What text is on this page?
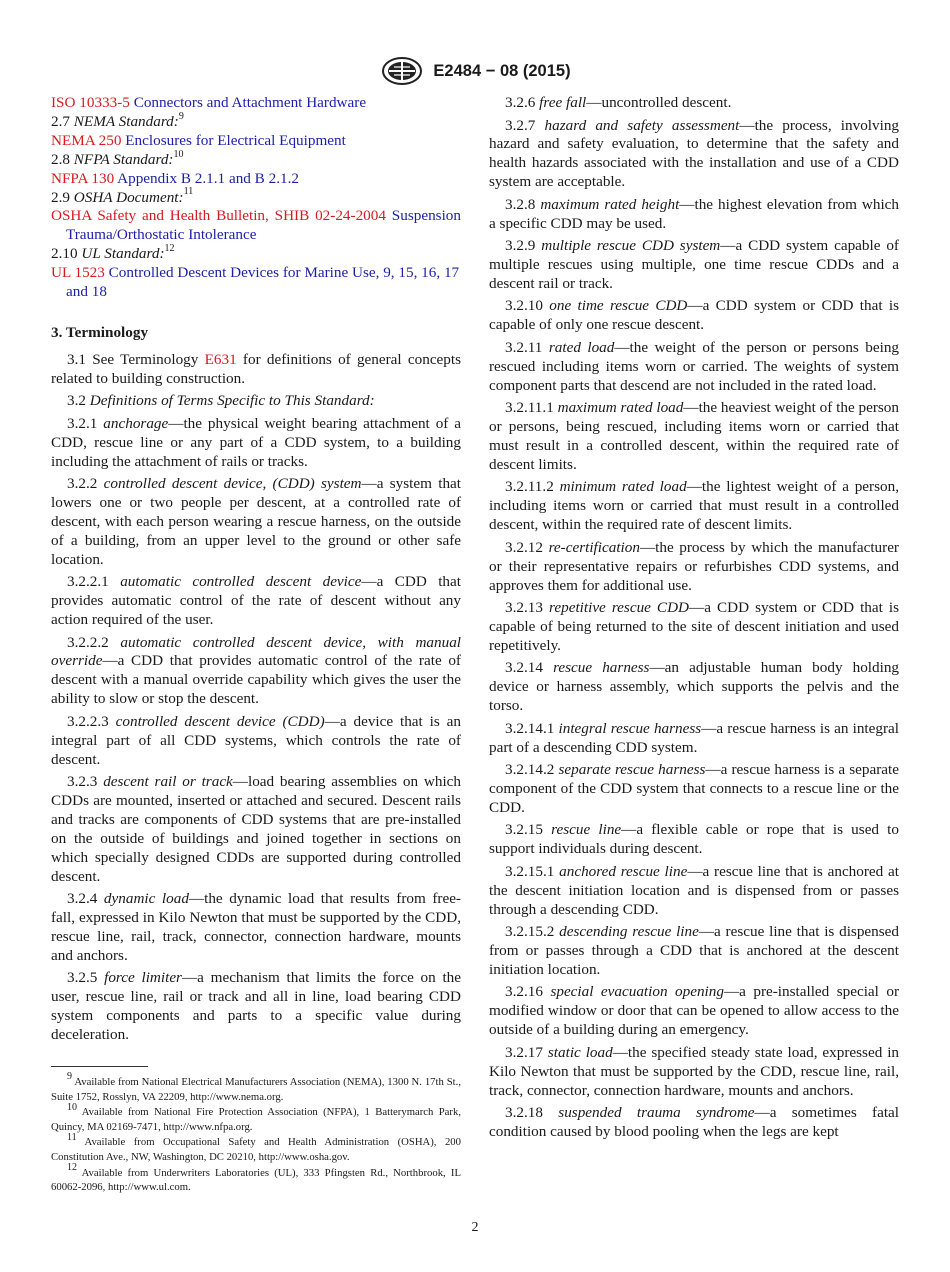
E2484 − 08 (2015)

ISO 10333-5 Connectors and Attachment Hardware

2.7 NEMA Standard:$^9$

NEMA 250 Enclosures for Electrical Equipment

2.8 NFPA Standard:$^{10}$

NFPA 130 Appendix B 2.1.1 and B 2.1.2

2.9 OSHA Document:$^{11}$

OSHA Safety and Health Bulletin, SHIB 02-24-2004 Suspension Trauma/Orthostatic Intolerance

2.10 UL Standard:$^{12}$

UL 1523 Controlled Descent Devices for Marine Use, 9, 15, 16, 17 and 18

3. Terminology

3.1 See Terminology E631 for definitions of general concepts related to building construction.

3.2 Definitions of Terms Specific to This Standard:

3.2.1 anchorage—the physical weight bearing attachment of a CDD, rescue line or any part of a CDD system, to a building including the attachment of rails or tracks.

3.2.2 controlled descent device, (CDD) system—a system that lowers one or two people per descent, at a controlled rate of descent, with each person wearing a rescue harness, on the outside of a building, from an upper level to the ground or other safe location.

3.2.2.1 automatic controlled descent device—a CDD that provides automatic control of the rate of descent without any action required of the user.

3.2.2.2 automatic controlled descent device, with manual override—a CDD that provides automatic control of the rate of descent with a manual override capability which gives the user the ability to slow or stop the descent.

3.2.2.3 controlled descent device (CDD)—a device that is an integral part of all CDD systems, which controls the rate of descent.

3.2.3 descent rail or track—load bearing assemblies on which CDDs are mounted, inserted or attached and secured. Descent rails and tracks are components of CDD systems that are pre-installed on the outside of buildings and joined together in sections on which specially designed CDDs are supported during controlled descent.

3.2.4 dynamic load—the dynamic load that results from free-fall, expressed in Kilo Newton that must be supported by the CDD, rescue line, rail, track, connector, connection hardware, mounts and anchors.

3.2.5 force limiter—a mechanism that limits the force on the user, rescue line, rail or track and all in line, load bearing CDD system components and parts to a specific value during deceleration.

3.2.6 free fall—uncontrolled descent.

3.2.7 hazard and safety assessment—the process, involving hazard and safety evaluation, to determine that the safety and health hazards associated with the installation and use of a CDD system are acceptable.

3.2.8 maximum rated height—the highest elevation from which a specific CDD may be used.

3.2.9 multiple rescue CDD system—a CDD system capable of multiple rescues using multiple, one time rescue CDDs and a descent rail or track.

3.2.10 one time rescue CDD—a CDD system or CDD that is capable of only one rescue descent.

3.2.11 rated load—the weight of the person or persons being rescued including items worn or carried. The weights of system component parts that descend are not included in the rated load.

3.2.11.1 maximum rated load—the heaviest weight of the person or persons, being rescued, including items worn or carried that must result in a controlled descent, within the required rate of descent limits.

3.2.11.2 minimum rated load—the lightest weight of a person, including items worn or carried that must result in a controlled descent, within the required rate of descent limits.

3.2.12 re-certification—the process by which the manufacturer or their representative repairs or refurbishes CDD systems, and approves them for additional use.

3.2.13 repetitive rescue CDD—a CDD system or CDD that is capable of being returned to the site of descent initiation and used repetitively.

3.2.14 rescue harness—an adjustable human body holding device or harness assembly, which supports the pelvis and the torso.

3.2.14.1 integral rescue harness—a rescue harness is an integral part of a descending CDD system.

3.2.14.2 separate rescue harness—a rescue harness is a separate component of the CDD system that connects to a rescue line or the CDD.

3.2.15 rescue line—a flexible cable or rope that is used to support individuals during descent.

3.2.15.1 anchored rescue line—a rescue line that is anchored at the descent initiation location and is dispensed from or passes through a descending CDD.

3.2.15.2 descending rescue line—a rescue line that is dispensed from or passes through a CDD that is anchored at the descent initiation location.

3.2.16 special evacuation opening—a pre-installed special or modified window or door that can be opened to allow access to the outside of a building during an emergency.

3.2.17 static load—the specified steady state load, expressed in Kilo Newton that must be supported by the CDD, rescue line, rail, track, connector, connection hardware, mounts and anchors.

3.2.18 suspended trauma syndrome—a sometimes fatal condition caused by blood pooling when the legs are kept

$^9$ Available from National Electrical Manufacturers Association (NEMA), 1300 N. 17th St., Suite 1752, Rosslyn, VA 22209, http://www.nema.org.

$^{10}$ Available from National Fire Protection Association (NFPA), 1 Batterymarch Park, Quincy, MA 02169-7471, http://www.nfpa.org.

$^{11}$ Available from Occupational Safety and Health Administration (OSHA), 200 Constitution Ave., NW, Washington, DC 20210, http://www.osha.gov.

$^{12}$ Available from Underwriters Laboratories (UL), 333 Pfingsten Rd., Northbrook, IL 60062-2096, http://www.ul.com.

2
